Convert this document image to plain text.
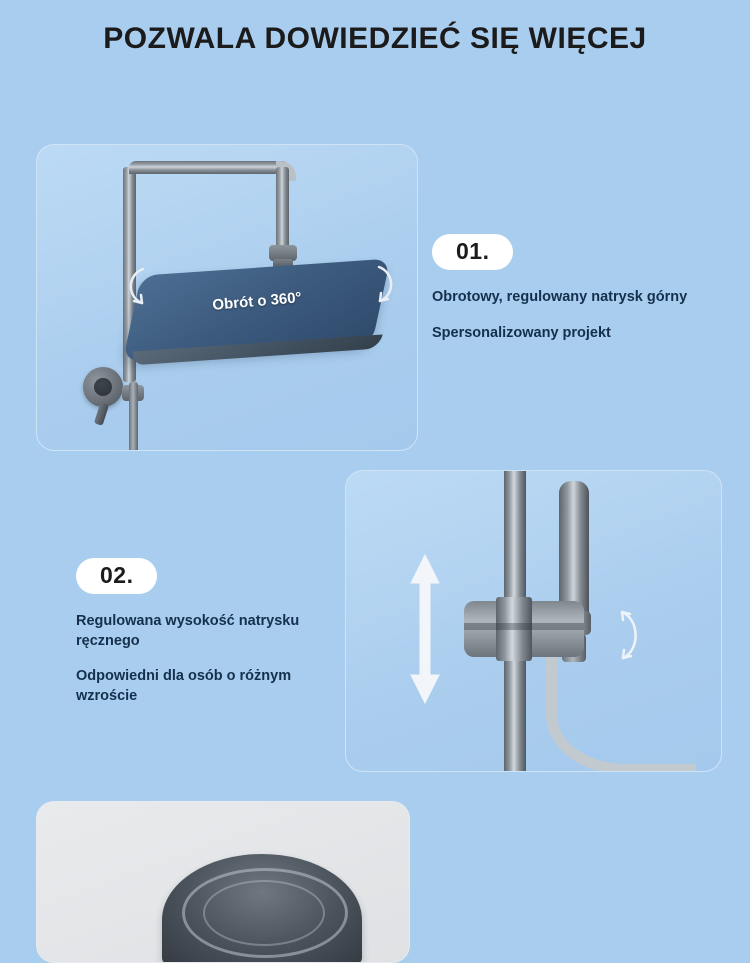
POZWALA DOWIEDZIEĆ SIĘ WIĘCEJ
Obrót o 360°
01.
Obrotowy, regulowany natrysk górny
Spersonalizowany projekt
02.
Regulowana wysokość natrysku ręcznego
Odpowiedni dla osób o różnym wzroście
